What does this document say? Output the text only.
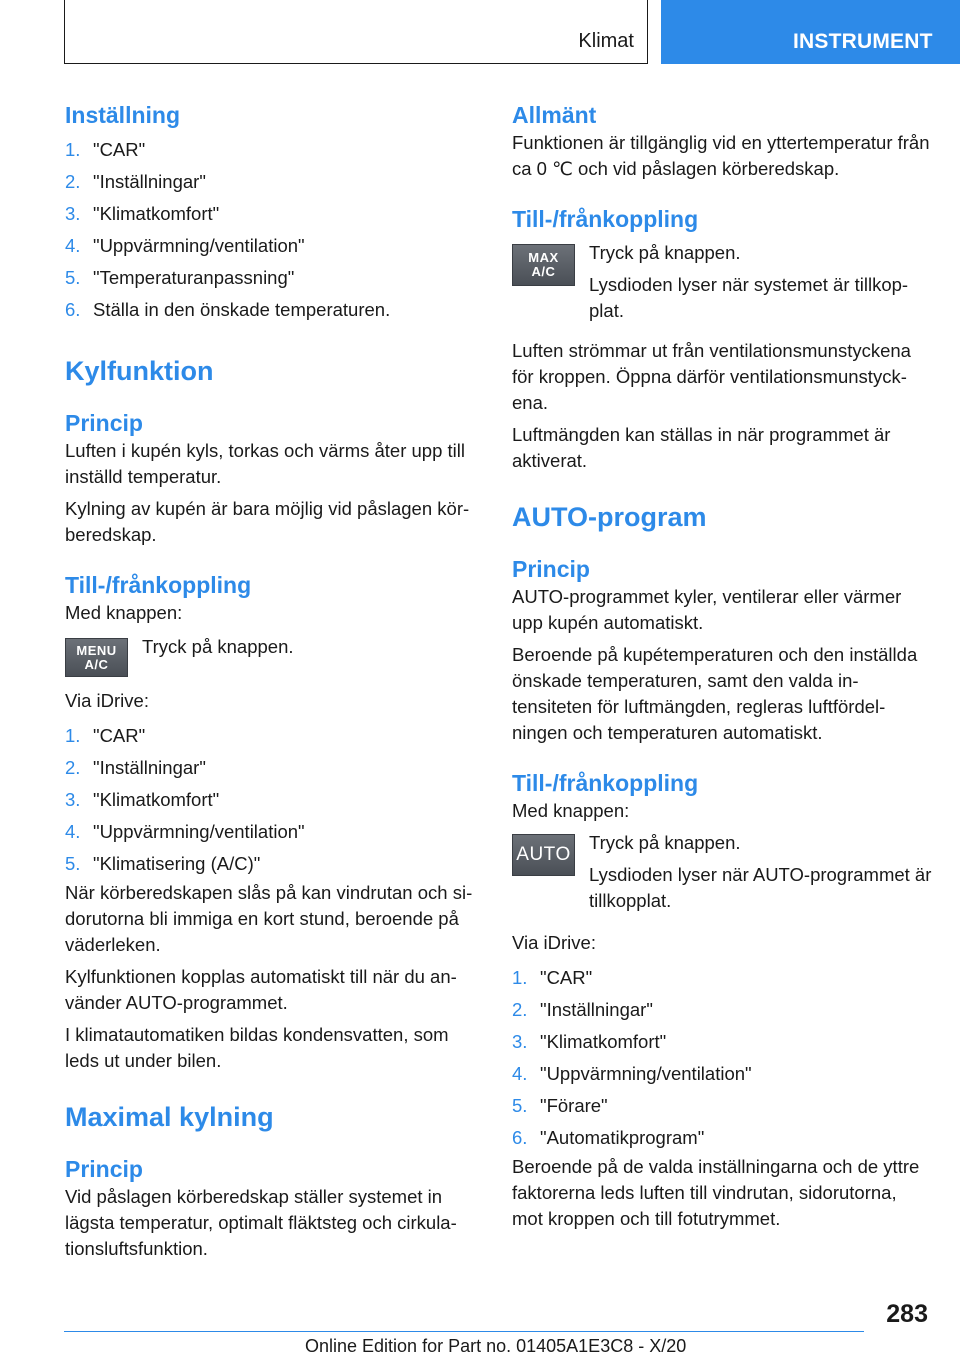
Klimat	INSTRUMENT
Inställning
1. "CAR"
2. "Inställningar"
3. "Klimatkomfort"
4. "Uppvärmning/ventilation"
5. "Temperaturanpassning"
6. Ställa in den önskade temperaturen.
Kylfunktion
Princip

Luften i kupén kyls, torkas och värms åter upp till inställd temperatur.

Kylning av kupén är bara möjlig vid påslagen körberedskap.

Till-/frånkoppling

Med knappen:

MENU
A/C

Tryck på knappen.

Via iDrive:

1. "CAR"
2. "Inställningar"
3. "Klimatkomfort"
4. "Uppvärmning/ventilation"
5. "Klimatisering (A/C)"

När körberedskapen slås på kan vindrutan och sidorutorna bli immiga en kort stund, beroende på väderleken.

Kylfunktionen kopplas automatiskt till när du använder AUTO-programmet.

I klimatautomatiken bildas kondensvatten, som leds ut under bilen.

Maximal kylning
Princip

Vid påslagen körberedskap ställer systemet in lägsta temperatur, optimalt fläktsteg och cirkulationsluftsfunktion.

Allmänt

Funktionen är tillgänglig vid en yttertemperatur från ca 0 ℃ och vid påslagen körberedskap.

Till-/frånkoppling
MAX
A/C

Tryck på knappen.

Lysdioden lyser när systemet är tillkopplat.

Luften strömmar ut från ventilationsmunstyckena för kroppen. Öppna därför ventilationsmunstyckena.

Luftmängden kan ställas in när programmet är aktiverat.

AUTO-program
Princip

AUTO-programmet kyler, ventilerar eller värmer upp kupén automatiskt.

Beroende på kupétemperaturen och den inställda önskade temperaturen, samt den valda intensiteten för luftmängden, regleras luftfördelningen och temperaturen automatiskt.

Till-/frånkoppling

Med knappen:

AUTO

Tryck på knappen.

Lysdioden lyser när AUTO-programmet är tillkopplat.

Via iDrive:

1. "CAR"
2. "Inställningar"
3. "Klimatkomfort"
4. "Uppvärmning/ventilation"
5. "Förare"
6. "Automatikprogram"

Beroende på de valda inställningarna och de yttre faktorerna leds luften till vindrutan, sidorutorna, mot kroppen och till fotutrymmet.

283
Online Edition for Part no. 01405A1E3C8 - X/20
